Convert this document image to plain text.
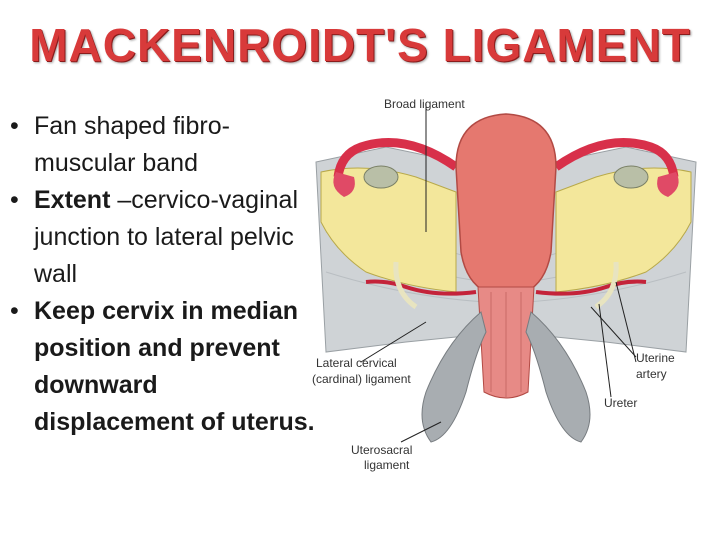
MACKENROIDT'S LIGAMENT
• Fan shaped fibro-muscular band
• Extent –cervico-vaginal junction to lateral pelvic wall
• Keep cervix in median position and prevent downward displacement of uterus.
Broad ligament
Lateral cervical
(cardinal) ligament
Uterine
artery
Ureter
Uterosacral
ligament
